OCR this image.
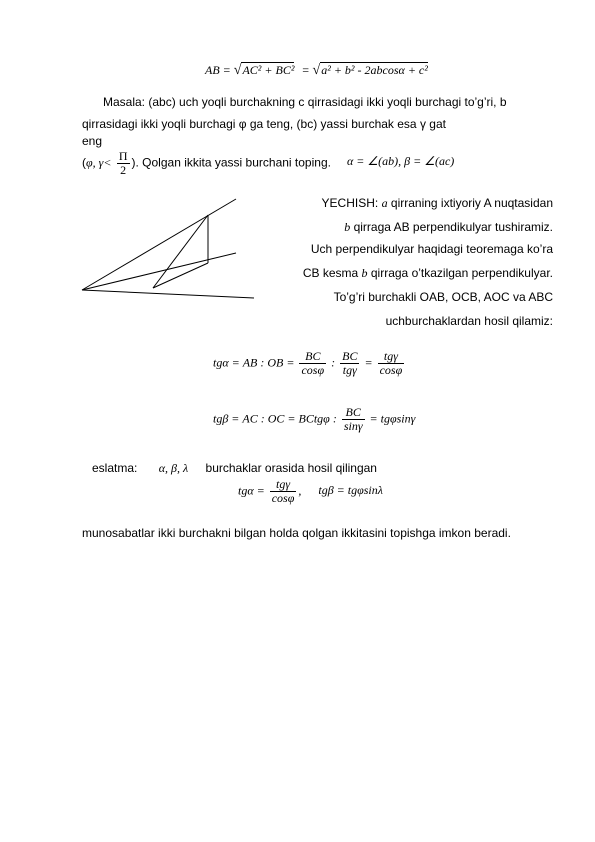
AB = √AC² + BC² = √a² + b² - 2abcosα + c²
Masala: (abc) uch yoqli burchakning c qirrasidagi ikki yoqli burchagi to’g’ri, b
qirrasidagi ikki yoqli burchagi φ ga teng, (bc) yassi burchak esa γ gat
eng
(φ, $\gamma< \frac{\Pi}{2}$ ). Qolgan ikkita yassi burchani toping. α = ∠(ab), β = ∠(ac)
YECHISH: a qirraning ixtiyoriy A nuqtasidan
b qirraga AB perpendikulyar tushiramiz.
Uch perpendikulyar haqidagi teoremaga ko’ra
CB kesma b qirraga o’tkazilgan perpendikulyar.
To’g’ri burchakli OAB, OCB, AOC va ABC
uchburchaklardan hosil qilamiz:
tgα = AB : OB = $\frac{BC}{\cos\varphi}$ : $\frac{BC}{\text{tgγ}} = \frac{\text{tgγ}}{\cos\varphi}$
tgβ = AC : OC = BCtgφ : $\frac{BC}{\sin\gamma} = tg\varphi\sin\gamma$
eslatma: α, β, λ burchaklar orasida hosil qilingan
$tg\alpha = \frac{\text{tgγ}}{\cos\varphi}$ , tgβ = tgφsinλ
munosabatlar ikki burchakni bilgan holda qolgan ikkitasini topishga imkon beradi.
